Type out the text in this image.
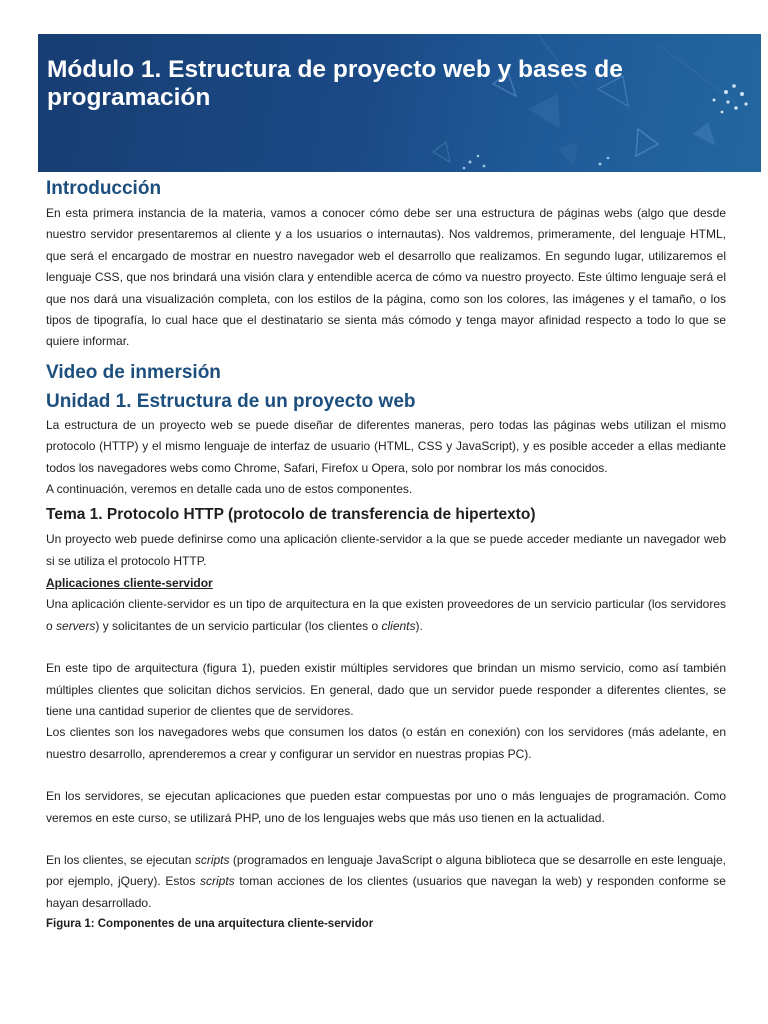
Módulo 1. Estructura de proyecto web y bases de programación
Introducción

En esta primera instancia de la materia, vamos a conocer cómo debe ser una estructura de páginas webs (algo que desde nuestro servidor presentaremos al cliente y a los usuarios o internautas). Nos valdremos, primeramente, del lenguaje HTML, que será el encargado de mostrar en nuestro navegador web el desarrollo que realizamos. En segundo lugar, utilizaremos el lenguaje CSS, que nos brindará una visión clara y entendible acerca de cómo va nuestro proyecto. Este último lenguaje será el que nos dará una visualización completa, con los estilos de la página, como son los colores, las imágenes y el tamaño, o los tipos de tipografía, lo cual hace que el destinatario se sienta más cómodo y tenga mayor afinidad respecto a todo lo que se quiere informar.

Video de inmersión
Unidad 1. Estructura de un proyecto web

La estructura de un proyecto web se puede diseñar de diferentes maneras, pero todas las páginas webs utilizan el mismo protocolo (HTTP) y el mismo lenguaje de interfaz de usuario (HTML, CSS y JavaScript), y es posible acceder a ellas mediante todos los navegadores webs como Chrome, Safari, Firefox u Opera, solo por nombrar los más conocidos.

A continuación, veremos en detalle cada uno de estos componentes.

Tema 1. Protocolo HTTP (protocolo de transferencia de hipertexto)

Un proyecto web puede definirse como una aplicación cliente-servidor a la que se puede acceder mediante un navegador web si se utiliza el protocolo HTTP.

Aplicaciones cliente-servidor

Una aplicación cliente-servidor es un tipo de arquitectura en la que existen proveedores de un servicio particular (los servidores o servers) y solicitantes de un servicio particular (los clientes o clients).

En este tipo de arquitectura (figura 1), pueden existir múltiples servidores que brindan un mismo servicio, como así también múltiples clientes que solicitan dichos servicios. En general, dado que un servidor puede responder a diferentes clientes, se tiene una cantidad superior de clientes que de servidores.

Los clientes son los navegadores webs que consumen los datos (o están en conexión) con los servidores (más adelante, en nuestro desarrollo, aprenderemos a crear y configurar un servidor en nuestras propias PC).

En los servidores, se ejecutan aplicaciones que pueden estar compuestas por uno o más lenguajes de programación. Como veremos en este curso, se utilizará PHP, uno de los lenguajes webs que más uso tienen en la actualidad.

En los clientes, se ejecutan scripts (programados en lenguaje JavaScript o alguna biblioteca que se desarrolle en este lenguaje, por ejemplo, jQuery). Estos scripts toman acciones de los clientes (usuarios que navegan la web) y responden conforme se hayan desarrollado.

Figura 1: Componentes de una arquitectura cliente-servidor
